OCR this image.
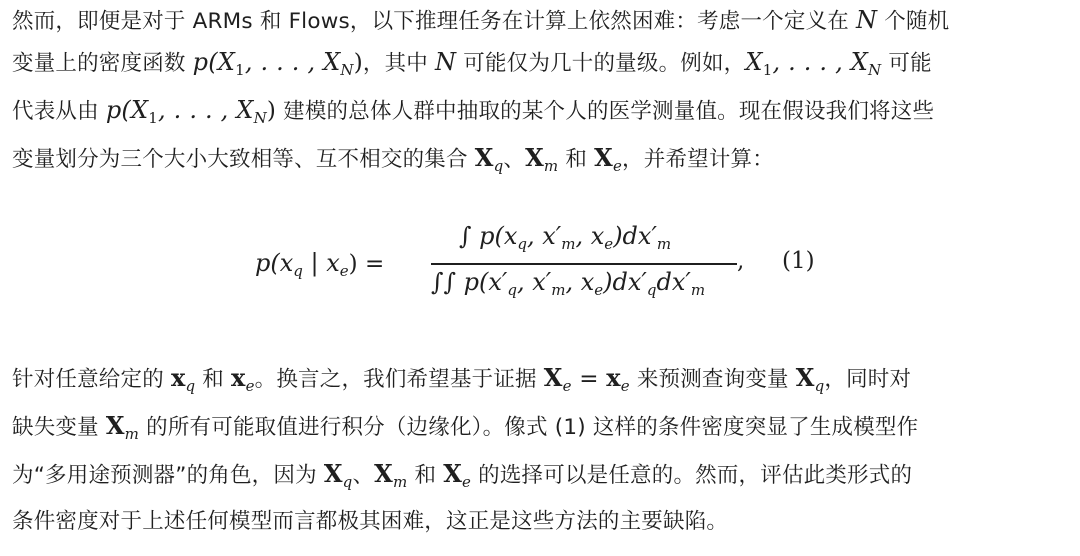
然而，即便是对于 ARMs 和 Flows，以下推理任务在计算上依然困难：考虑一个定义在 N 个随机
变量上的密度函数 $p(X_1$, . . . , $X_N$)，其中 N 可能仅为几十的量级。例如，$X_1$, . . . , $X_N$ 可能
代表从由 $p(X_1$, . . . , $X_N$) 建模的总体人群中抽取的某个人的医学测量值。现在假设我们将这些
变量划分为三个大小大致相等、互不相交的集合 $X_q$、$X_m$ 和 $X_e$，并希望计算：
$p(x_q$ | $x_e$) =
∫ $p(x_q$, $x'_m$, $x_e)dx'_m$
∫∫ $p(x'_q$, $x'_m$, $x_e)dx'_qdx'_m$
, (1)
针对任意给定的 $x_q$ 和 $x_e$。换言之，我们希望基于证据 $X_e = x_e$ 来预测查询变量 $X_q$，同时对
缺失变量 $X_m$ 的所有可能取值进行积分（边缘化）。像式 (1) 这样的条件密度突显了生成模型作
为“多用途预测器”的角色，因为 $X_q$、$X_m$ 和 $X_e$ 的选择可以是任意的。然而，评估此类形式的
条件密度对于上述任何模型而言都极其困难，这正是这些方法的主要缺陷。
